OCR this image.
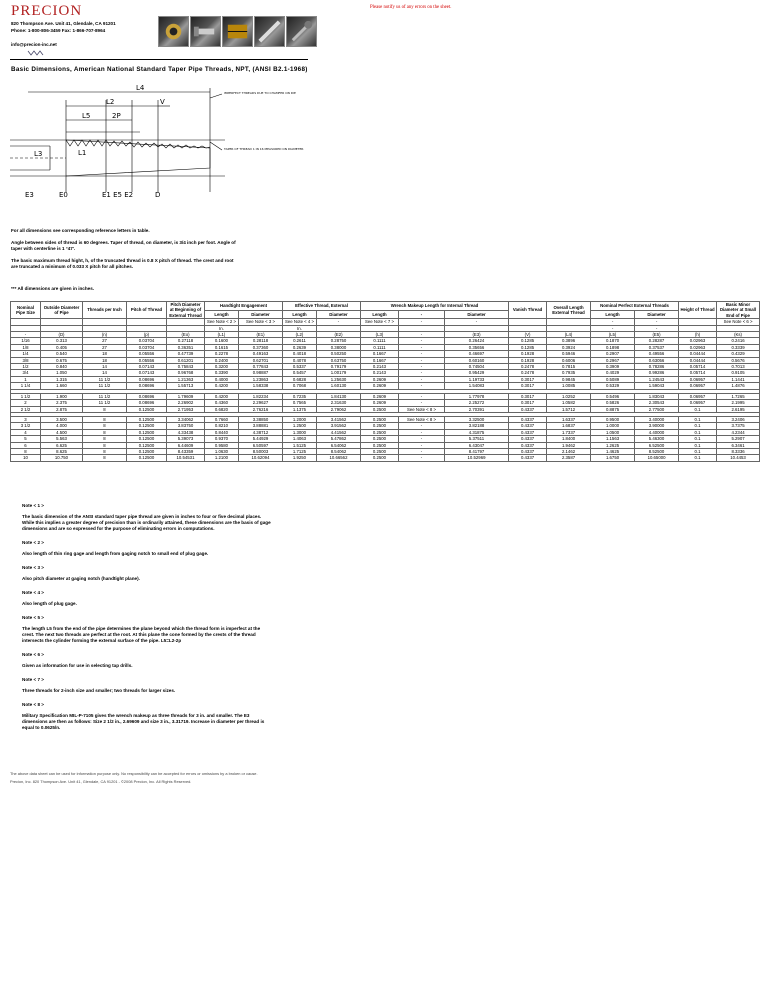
PRECION
820 Thompson Ave. Unit 41, Glendale, CA 91201
Phone: 1-800-806-3459 Fax: 1-866-707-8964
info@precion-inc.net
Please notify us of any errors on the sheet.
Basic Dimensions, American National Standard Taper Pipe Threads, NPT, (ANSI B2.1-1968)
L4
L2	V
L5	2P
L3	L1
E3	E0	E1 E5 E2	D
IMPERFECT THREADS DUE TO CHAMFER ON DIE
TAPER OF THREAD 1 IN 16 MEASURED ON DIAMETER
For all dimensions see corresponding reference letters in table.
Angle between sides of thread is 60 degrees. Taper of thread, on diameter, is 3/4 inch per foot. Angle of taper with centerline is 1 °47'.
The basic maximum thread hight, h, of the truncated thread is 0.8 X pitch of thread. The crest and root are truncated a minimum of 0.033 X pitch for all pitches.
*** All dimensions are given in inches.
Nominal Pipe Size	Outside Diameter of Pipe	Threads per Inch	Pitch of Thread	Pitch Diameter at Beginning of External Thread	Handtight Engagement		Effective Thread, External		Wrench Makeup Length for Internal Thread			Vanish Thread	Overall Length External Thread	Nominal Perfect External Threads		Height of Thread	Basic Minor Diameter at Small End of Pipe
					Length	Diameter	Length	Diameter	Length	-	Diameter			Length	Diameter		
					See Note < 2 >	See Note < 3 >	See Note < 4 >	-	See Note < 7 >	-	-			-	-		See Note < 6 >
					In.		In.							-	-		
-	(D)	(n)	(p)	(Eo)	(L1)	(E1)	(L2)	(E2)	(L3)	-	(E3)	(V)	(L4)	(L5)	(E5)	(h)	(Ks)
1/16	0.313	27	0.03704	0.27118	0.1600	0.28118	0.2611	0.28750	0.1111	-	0.26424	0.1285	0.3896	0.1870	0.28287	0.02963	0.2416
1/8	0.405	27	0.03704	0.36351	0.1615	0.37360	0.2639	0.38000	0.1111	-	0.35656	0.1285	0.3924	0.1898	0.37537	0.02963	0.3339
1/4	0.540	18	0.05556	0.47739	0.2278	0.49163	0.4018	0.50250	0.1667	-	0.46697	0.1928	0.5946	0.2907	0.49556	0.04444	0.4329
3/8	0.675	18	0.05556	0.61201	0.2400	0.62701	0.4078	0.63750	0.1667	-	0.60160	0.1928	0.6006	0.2967	0.63056	0.04444	0.5676
1/2	0.840	14	0.07143	0.75843	0.3200	0.77843	0.5337	0.79179	0.2143	-	0.74504	0.2478	0.7815	0.3909	0.78286	0.05714	0.7013
3/4	1.050	14	0.07143	0.96768	0.3390	0.98887	0.5457	1.00179	0.2143	-	0.95429	0.2478	0.7935	0.4029	0.99286	0.05714	0.9105
1	1.315	11 1/2	0.08696	1.21363	0.4000	1.23863	0.6828	1.25630	0.2609	-	1.19733	0.3017	0.9845	0.5089	1.24543	0.06957	1.1441
1 1/4	1.660	11 1/2	0.08696	1.55713	0.4200	1.58338	0.7068	1.60130	0.2609	-	1.54083	0.3017	1.0085	0.5329	1.59043	0.06957	1.4876

1 1/2	1.900	11 1/2	0.08696	1.79609	0.4200	1.82234	0.7235	1.84130	0.2609	-	1.77978	0.3017	1.0252	0.5496	1.83043	0.06957	1.7265
2	2.375	11 1/2	0.08696	2.26902	0.4360	2.29627	0.7565	2.31630	0.2609	-	2.25272	0.3017	1.0582	0.5826	2.30543	0.06957	2.1995
2 1/2	2.875	8	0.12500	2.71953	0.6820	2.76216	1.1375	2.79062	0.2500	See Note < 8 >	2.70391	0.4337	1.5712	0.8875	2.77500	0.1	2.6195

3	3.500	8	0.12500	3.34062	0.7660	3.38850	1.2000	3.41562	0.2500	See Note < 8 >	3.32500	0.4337	1.6337	0.9500	3.40000	0.1	3.2406
3 1/2	4.000	8	0.12500	3.83750	0.8210	3.88881	1.2500	3.91562	0.2500	-	3.82188	0.4337	1.6837	1.0000	3.90000	0.1	3.7375
4	4.500	8	0.12500	4.33438	0.8440	4.38712	1.3000	4.41562	0.2500	-	4.31875	0.4337	1.7337	1.0500	4.40000	0.1	4.2344
5	5.563	8	0.12500	5.39073	0.9370	5.44929	1.4063	5.47862	0.2500	-	5.37511	0.4337	1.8400	1.1563	5.46300	0.1	5.2907
6	6.625	8	0.12500	6.44609	0.9580	6.50597	1.5125	6.54062	0.2500	-	6.43047	0.4337	1.9462	1.2625	6.52500	0.1	6.3461
8	8.625	8	0.12500	8.43359	1.0630	8.50003	1.7125	8.54062	0.2500	-	8.41797	0.4337	2.1462	1.4625	8.52500	0.1	8.3336
10	10.750	8	0.12500	10.54531	1.2100	10.62094	1.9250	10.66562	0.2500	-	10.52969	0.4337	2.3587	1.6750	10.65000	0.1	10.4453
Note < 1 >
The basic dimension of the ANSI standard taper pipe thread are given in inches to four or five decimal places. While this implies a greater degree of precision than is ordinarily attained, these dimensions are the basis of gage dimensions and are so expressed for the purpose of eliminating errors in computations.
Note < 2 >
Also length of thin ring gage and length from gaging notch to small end of plug gage.
Note < 3 >
Also pitch diameter at gaging notch (handtight plane).
Note < 4 >
Also length of plug gage.
Note < 5 >
The length L5 from the end of the pipe determines the plane beyond which the thread form is imperfect at the crest. The next two threads are perfect at the root. At this plane the cone formed by the crests of the thread intersects the cylinder forming the external surface of the pipe. L5=L2-2p
Note < 6 >
Given as information for use in selecting tap drills.
Note < 7 >
Three threads for 2-inch size and smaller; two threads for larger sizes.
Note < 8 >
Military Specification MIL-P-7105 gives the wrench makeup as three threads for 3 in. and smaller. The E3 dimensions are then as follows: Size 2 1/2 in., 2.69609 and size 3 in., 3.31719. Increase in diameter per thread is equal to 0.0625/n.
The above data sheet can be used for information purpose only. No responsibility can be accepted for errors or omissions by a broken or cause.
Precion, Inc. 820 Thompson Ave. Unit 41, Glendale, CA 91201 - ©2008 Precion, Inc. All Rights Reserved.
